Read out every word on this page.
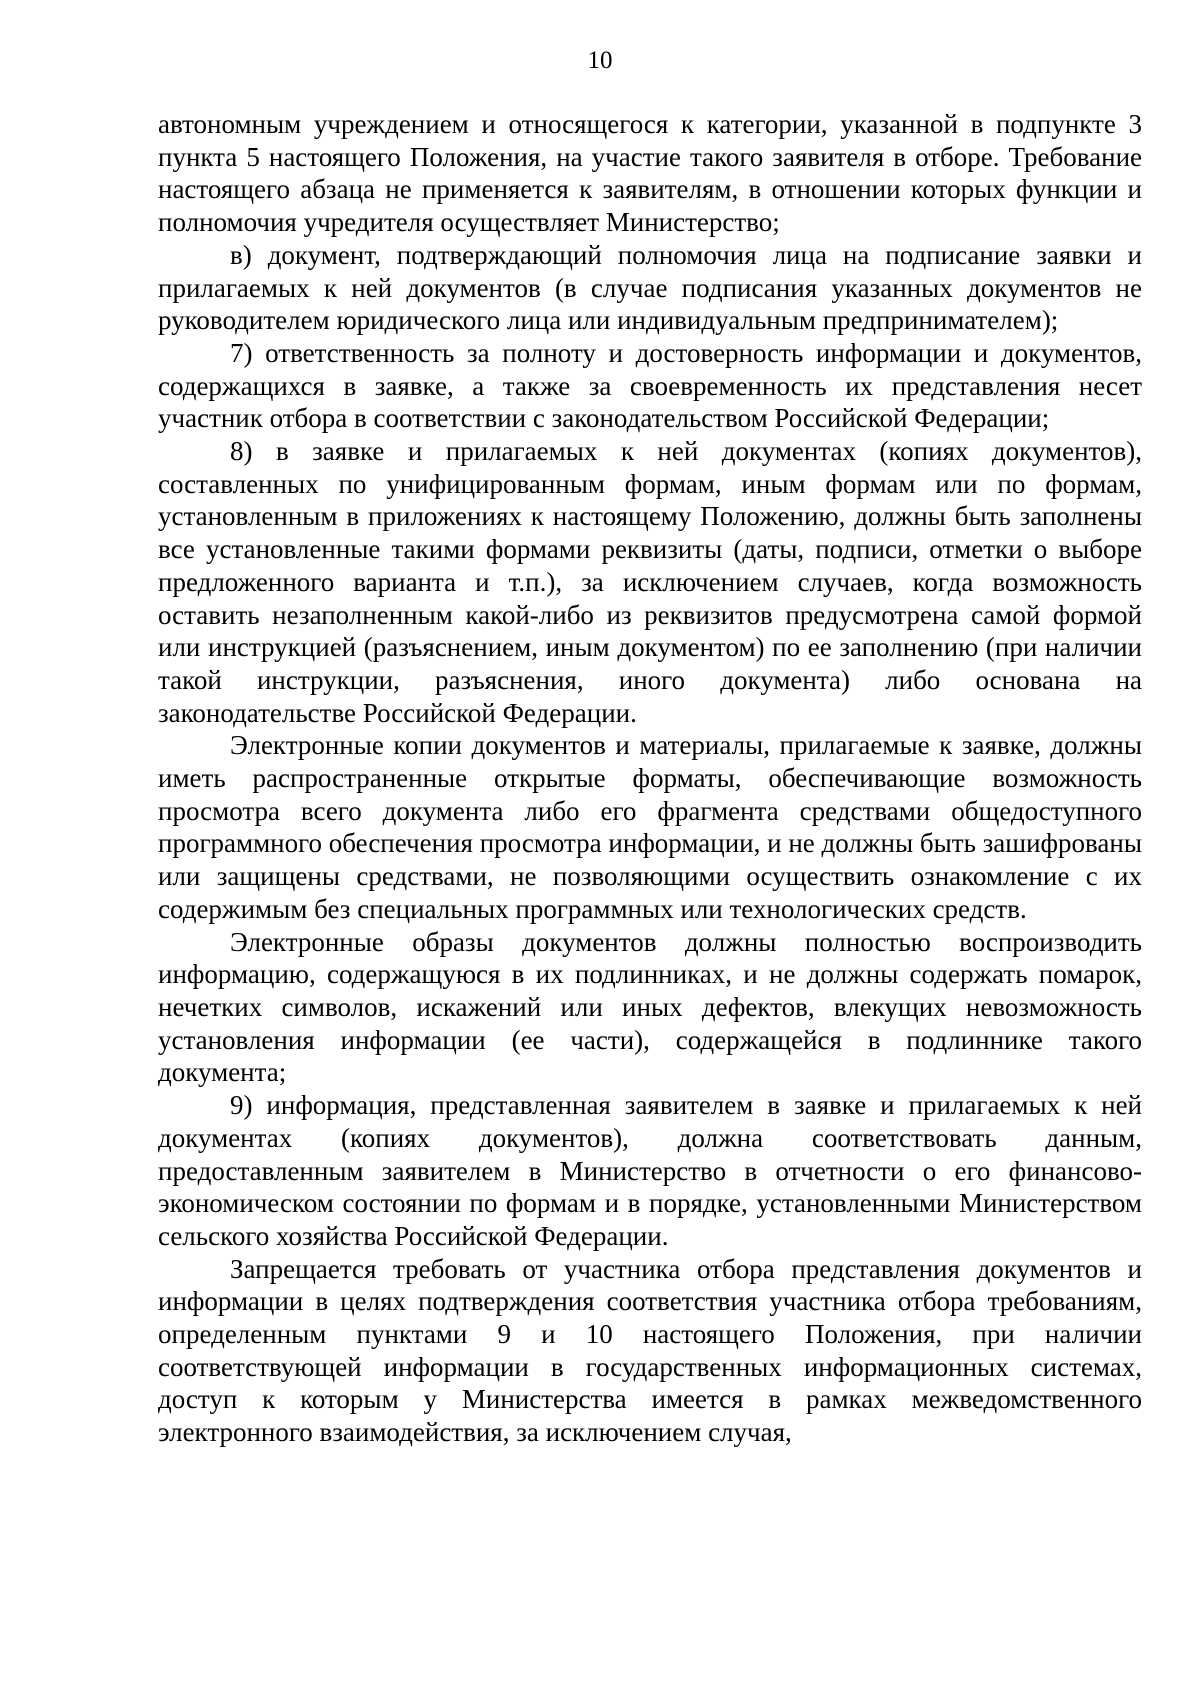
10

автономным учреждением и относящегося к категории, указанной в подпункте 3 пункта 5 настоящего Положения, на участие такого заявителя в отборе. Требование настоящего абзаца не применяется к заявителям, в отношении которых функции и полномочия учредителя осуществляет Министерство;

в) документ, подтверждающий полномочия лица на подписание заявки и прилагаемых к ней документов (в случае подписания указанных документов не руководителем юридического лица или индивидуальным предпринимателем);

7) ответственность за полноту и достоверность информации и документов, содержащихся в заявке, а также за своевременность их представления несет участник отбора в соответствии с законодательством Российской Федерации;

8) в заявке и прилагаемых к ней документах (копиях документов), составленных по унифицированным формам, иным формам или по формам, установленным в приложениях к настоящему Положению, должны быть заполнены все установленные такими формами реквизиты (даты, подписи, отметки о выборе предложенного варианта и т.п.), за исключением случаев, когда возможность оставить незаполненным какой-либо из реквизитов предусмотрена самой формой или инструкцией (разъяснением, иным документом) по ее заполнению (при наличии такой инструкции, разъяснения, иного документа) либо основана на законодательстве Российской Федерации.

Электронные копии документов и материалы, прилагаемые к заявке, должны иметь распространенные открытые форматы, обеспечивающие возможность просмотра всего документа либо его фрагмента средствами общедоступного программного обеспечения просмотра информации, и не должны быть зашифрованы или защищены средствами, не позволяющими осуществить ознакомление с их содержимым без специальных программных или технологических средств.

Электронные образы документов должны полностью воспроизводить информацию, содержащуюся в их подлинниках, и не должны содержать помарок, нечетких символов, искажений или иных дефектов, влекущих невозможность установления информации (ее части), содержащейся в подлиннике такого документа;

9) информация, представленная заявителем в заявке и прилагаемых к ней документах (копиях документов), должна соответствовать данным, предоставленным заявителем в Министерство в отчетности о его финансово-экономическом состоянии по формам и в порядке, установленными Министерством сельского хозяйства Российской Федерации.

Запрещается требовать от участника отбора представления документов и информации в целях подтверждения соответствия участника отбора требованиям, определенным пунктами 9 и 10 настоящего Положения, при наличии соответствующей информации в государственных информационных системах, доступ к которым у Министерства имеется в рамках межведомственного электронного взаимодействия, за исключением случая,
